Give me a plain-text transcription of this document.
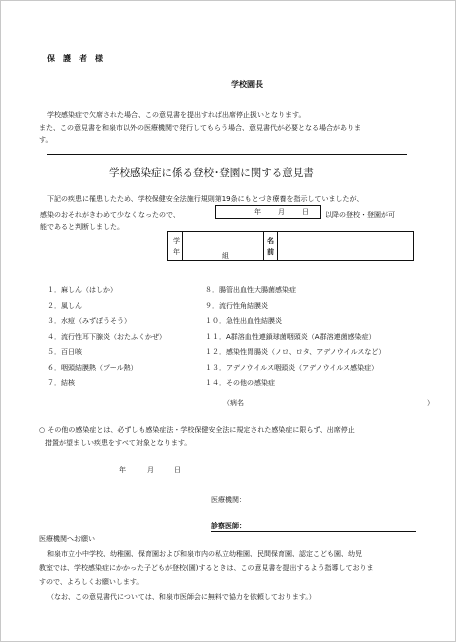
保　護　者　様
学校園長
学校感染症で欠席された場合、この意見書を提出すれば出席停止扱いとなります。
また、この意見書を和泉市以外の医療機関で発行してもらう場合、意見書代が必要となる場合がありま
す。
学校感染症に係る登校･登園に関する意見書
下記の疾患に罹患したため、学校保健安全法施行規則第19条にもとづき療養を指示していましたが、
感染のおそれがきわめて少なくなったので、	年 月 日 以降の登校・登園が可
能であると判断しました。
学年	組
名前
１．麻しん（はしか）
２．風しん
３．水痘（みずぼうそう）
４．流行性耳下腺炎（おたふくかぜ）
５．百日咳
６．咽頭結膜熱（プール熱）
７．結核
８．腸管出血性大腸菌感染症
９．流行性角結膜炎
１０．急性出血性結膜炎
１１．A群溶血性連鎖球菌咽頭炎（A群溶連菌感染症）
１２．感染性胃腸炎（ノロ、ロタ、アデノウイルスなど）
１３．アデノウイルス咽頭炎（アデノウイルス感染症）
１４．その他の感染症
（病名	）
○ その他の感染症とは、必ずしも感染症法・学校保健安全法に規定された感染症に限らず、出席停止
措置が望ましい疾患をすべて対象となります。
年	月	日
医療機関：
診察医師：
医療機関へお願い
和泉市立小中学校、幼稚園、保育園および和泉市内の私立幼稚園、民間保育園、認定こども園、幼児
教室では、学校感染症にかかった子どもが登校(園)するときは、この意見書を提出するよう指導しておりま
すので、よろしくお願いします。
（なお、この意見書代については、和泉市医師会に無料で協力を依頼しております。）
